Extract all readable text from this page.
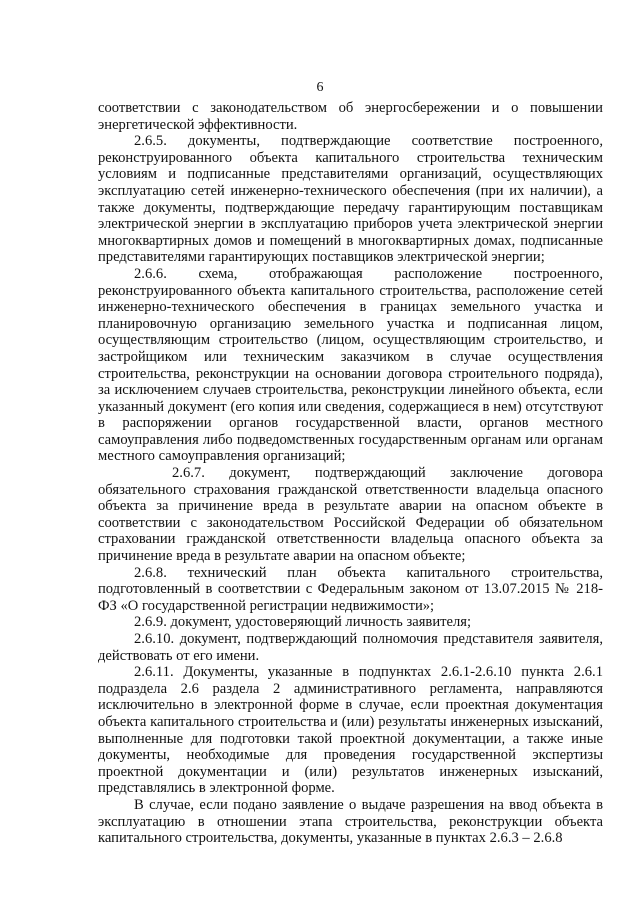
6

соответствии с законодательством об энергосбережении и о повышении энергетической эффективности.

2.6.5. документы, подтверждающие соответствие построенного, реконструированного объекта капитального строительства техническим условиям и подписанные представителями организаций, осуществляющих эксплуатацию сетей инженерно-технического обеспечения (при их наличии), а также документы, подтверждающие передачу гарантирующим поставщикам электрической энергии в эксплуатацию приборов учета электрической энергии многоквартирных домов и помещений в многоквартирных домах, подписанные представителями гарантирующих поставщиков электрической энергии;

2.6.6. схема, отображающая расположение построенного, реконструированного объекта капитального строительства, расположение сетей инженерно-технического обеспечения в границах земельного участка и планировочную организацию земельного участка и подписанная лицом, осуществляющим строительство (лицом, осуществляющим строительство, и застройщиком или техническим заказчиком в случае осуществления строительства, реконструкции на основании договора строительного подряда), за исключением случаев строительства, реконструкции линейного объекта, если указанный документ (его копия или сведения, содержащиеся в нем) отсутствуют в распоряжении органов государственной власти, органов местного самоуправления либо подведомственных государственным органам или органам местного самоуправления организаций;

2.6.7. документ, подтверждающий заключение договора обязательного страхования гражданской ответственности владельца опасного объекта за причинение вреда в результате аварии на опасном объекте в соответствии с законодательством Российской Федерации об обязательном страховании гражданской ответственности владельца опасного объекта за причинение вреда в результате аварии на опасном объекте;

2.6.8. технический план объекта капитального строительства, подготовленный в соответствии с Федеральным законом от 13.07.2015 № 218-ФЗ «О государственной регистрации недвижимости»;

2.6.9. документ, удостоверяющий личность заявителя;

2.6.10. документ, подтверждающий полномочия представителя заявителя, действовать от его имени.

2.6.11. Документы, указанные в подпунктах 2.6.1-2.6.10 пункта 2.6.1 подраздела 2.6 раздела 2 административного регламента, направляются исключительно в электронной форме в случае, если проектная документация объекта капитального строительства и (или) результаты инженерных изысканий, выполненные для подготовки такой проектной документации, а также иные документы, необходимые для проведения государственной экспертизы проектной документации и (или) результатов инженерных изысканий, представлялись в электронной форме.

В случае, если подано заявление о выдаче разрешения на ввод объекта в эксплуатацию в отношении этапа строительства, реконструкции объекта капитального строительства, документы, указанные в пунктах 2.6.3 – 2.6.8
